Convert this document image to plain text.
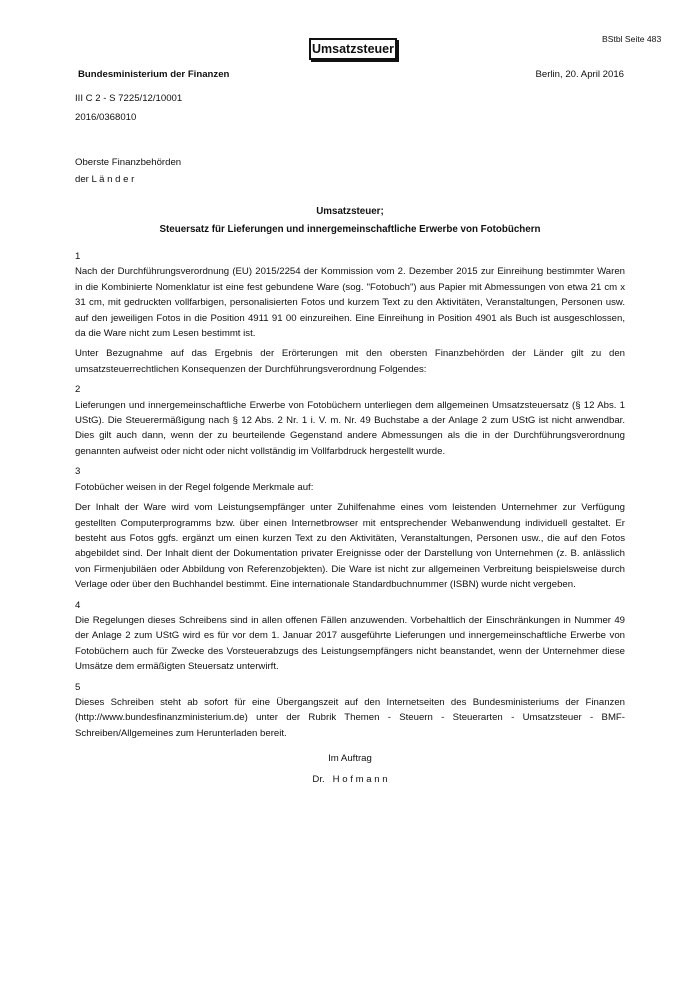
Umsatzsteuer
BStbl Seite 483
Bundesministerium der Finanzen	Berlin, 20. April 2016
III C 2 - S 7225/12/10001
2016/0368010
Oberste Finanzbehörden
der L ä n d e r
Umsatzsteuer;
Steuersatz für Lieferungen und innergemeinschaftliche Erwerbe von Fotobüchern

1

Nach der Durchführungsverordnung (EU) 2015/2254 der Kommission vom 2. Dezember 2015 zur Einreihung bestimmter Waren in die Kombinierte Nomenklatur ist eine fest gebundene Ware (sog. "Fotobuch") aus Papier mit Abmessungen von etwa 21 cm x 31 cm, mit gedruckten vollfarbigen, personalisierten Fotos und kurzem Text zu den Aktivitäten, Veranstaltungen, Personen usw. auf den jeweiligen Fotos in die Position 4911 91 00 einzureihen. Eine Einreihung in Position 4901 als Buch ist ausgeschlossen, da die Ware nicht zum Lesen bestimmt ist.

Unter Bezugnahme auf das Ergebnis der Erörterungen mit den obersten Finanzbehörden der Länder gilt zu den umsatzsteuerrechtlichen Konsequenzen der Durchführungsverordnung Folgendes:

2

Lieferungen und innergemeinschaftliche Erwerbe von Fotobüchern unterliegen dem allgemeinen Umsatzsteuersatz (§ 12 Abs. 1 UStG). Die Steuerermäßigung nach § 12 Abs. 2 Nr. 1 i. V. m. Nr. 49 Buchstabe a der Anlage 2 zum UStG ist nicht anwendbar. Dies gilt auch dann, wenn der zu beurteilende Gegenstand andere Abmessungen als die in der Durchführungsverordnung genannten aufweist oder nicht oder nicht vollständig im Vollfarbdruck hergestellt wurde.

3

Fotobücher weisen in der Regel folgende Merkmale auf:

Der Inhalt der Ware wird vom Leistungsempfänger unter Zuhilfenahme eines vom leistenden Unternehmer zur Verfügung gestellten Computerprogramms bzw. über einen Internetbrowser mit entsprechender Webanwendung individuell gestaltet. Er besteht aus Fotos ggfs. ergänzt um einen kurzen Text zu den Aktivitäten, Veranstaltungen, Personen usw., die auf den Fotos abgebildet sind. Der Inhalt dient der Dokumentation privater Ereignisse oder der Darstellung von Unternehmen (z. B. anlässlich von Firmenjubiläen oder Abbildung von Referenzobjekten). Die Ware ist nicht zur allgemeinen Verbreitung beispielsweise durch Verlage oder über den Buchhandel bestimmt. Eine internationale Standardbuchnummer (ISBN) wurde nicht vergeben.

4

Die Regelungen dieses Schreibens sind in allen offenen Fällen anzuwenden. Vorbehaltlich der Einschränkungen in Nummer 49 der Anlage 2 zum UStG wird es für vor dem 1. Januar 2017 ausgeführte Lieferungen und innergemeinschaftliche Erwerbe von Fotobüchern auch für Zwecke des Vorsteuerabzugs des Leistungsempfängers nicht beanstandet, wenn der Unternehmer diese Umsätze dem ermäßigten Steuersatz unterwirft.

5

Dieses Schreiben steht ab sofort für eine Übergangszeit auf den Internetseiten des Bundesministeriums der Finanzen (http://www.bundesfinanzministerium.de) unter der Rubrik Themen - Steuern - Steuerarten - Umsatzsteuer - BMF-Schreiben/Allgemeines zum Herunterladen bereit.

Im Auftrag

Dr.   H o f m a n n
